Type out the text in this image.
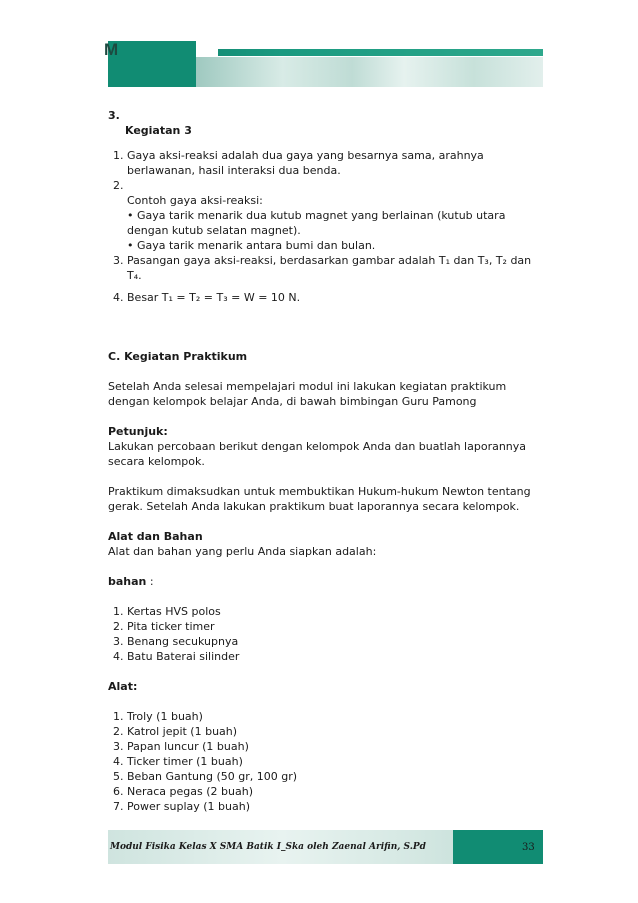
M
3.
Kegiatan 3
1. Gaya aksi-reaksi adalah dua gaya yang besarnya sama, arahnya
berlawanan, hasil interaksi dua benda.
2.
Contoh gaya aksi-reaksi:
• Gaya tarik menarik dua kutub magnet yang berlainan (kutub utara
dengan kutub selatan magnet).
• Gaya tarik menarik antara bumi dan bulan.
3. Pasangan gaya aksi-reaksi, berdasarkan gambar adalah T₁ dan T₃, T₂ dan
T₄.
4. Besar T₁ = T₂ = T₃ = W = 10 N.
C. Kegiatan Praktikum
Setelah Anda selesai mempelajari modul ini lakukan kegiatan praktikum
dengan kelompok belajar Anda, di bawah bimbingan Guru Pamong
Petunjuk:
Lakukan percobaan berikut dengan kelompok Anda dan buatlah laporannya
secara kelompok.
Praktikum dimaksudkan untuk membuktikan Hukum-hukum Newton tentang
gerak. Setelah Anda lakukan praktikum buat laporannya secara kelompok.
Alat dan Bahan
Alat dan bahan yang perlu Anda siapkan adalah:
bahan :
1. Kertas HVS polos
2. Pita ticker timer
3. Benang secukupnya
4. Batu Baterai silinder
Alat:
1. Troly (1 buah)
2. Katrol jepit (1 buah)
3. Papan luncur (1 buah)
4. Ticker timer (1 buah)
5. Beban Gantung (50 gr, 100 gr)
6. Neraca pegas (2 buah)
7. Power suplay (1 buah)
Modul Fisika Kelas X SMA Batik I_Ska oleh Zaenal Arifin, S.Pd	33
